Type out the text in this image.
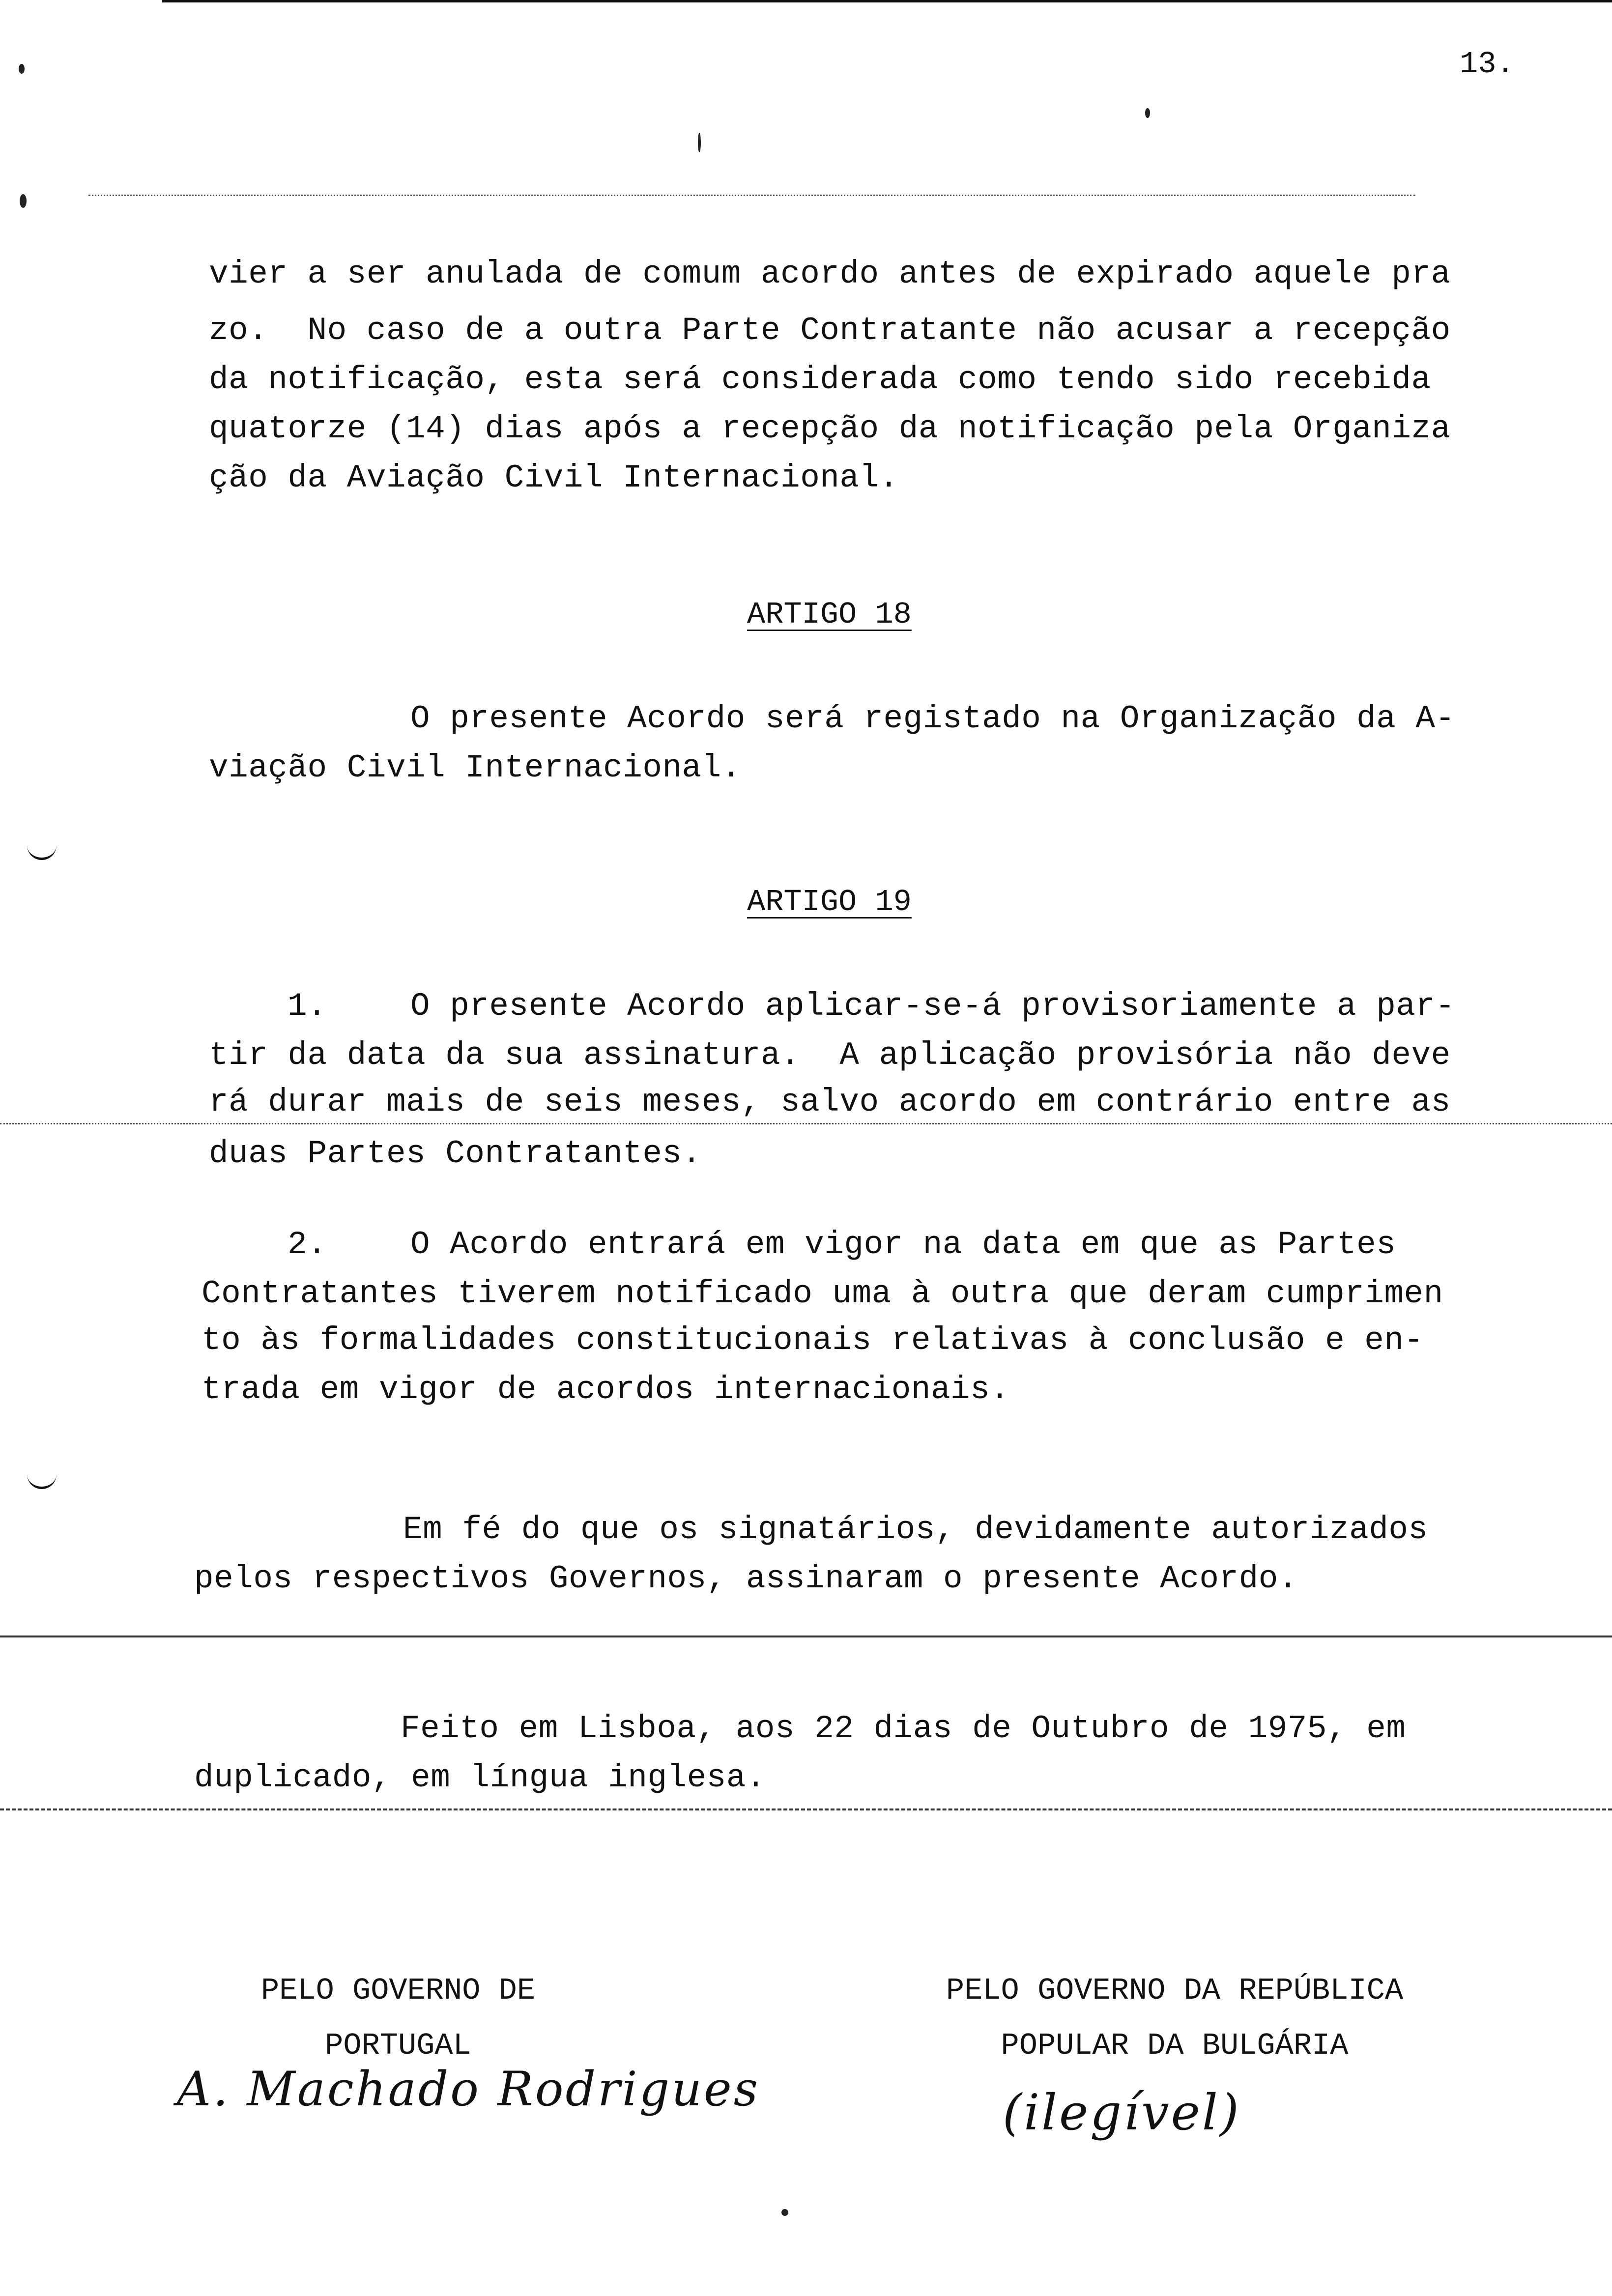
13.
vier a ser anulada de comum acordo antes de expirado aquele pra
zo.  No caso de a outra Parte Contratante não acusar a recepção
da notificação, esta será considerada como tendo sido recebida
quatorze (14) dias após a recepção da notificação pela Organiza
ção da Aviação Civil Internacional.
ARTIGO 18
O presente Acordo será registado na Organização da A-
viação Civil Internacional.
ARTIGO 19
1.	O presente Acordo aplicar-se-á provisoriamente a par-
tir da data da sua assinatura.  A aplicação provisória não deve
rá durar mais de seis meses, salvo acordo em contrário entre as
duas Partes Contratantes.
2.	O Acordo entrará em vigor na data em que as Partes
Contratantes tiverem notificado uma à outra que deram cumprimen
to às formalidades constitucionais relativas à conclusão e en-
trada em vigor de acordos internacionais.
Em fé do que os signatários, devidamente autorizados
pelos respectivos Governos, assinaram o presente Acordo.
Feito em Lisboa, aos 22 dias de Outubro de 1975, em
duplicado, em língua inglesa.
PELO GOVERNO DE
PORTUGAL
A. Machado Rodrigues
PELO GOVERNO DA REPÚBLICA
POPULAR DA BULGÁRIA
(ilegível)
